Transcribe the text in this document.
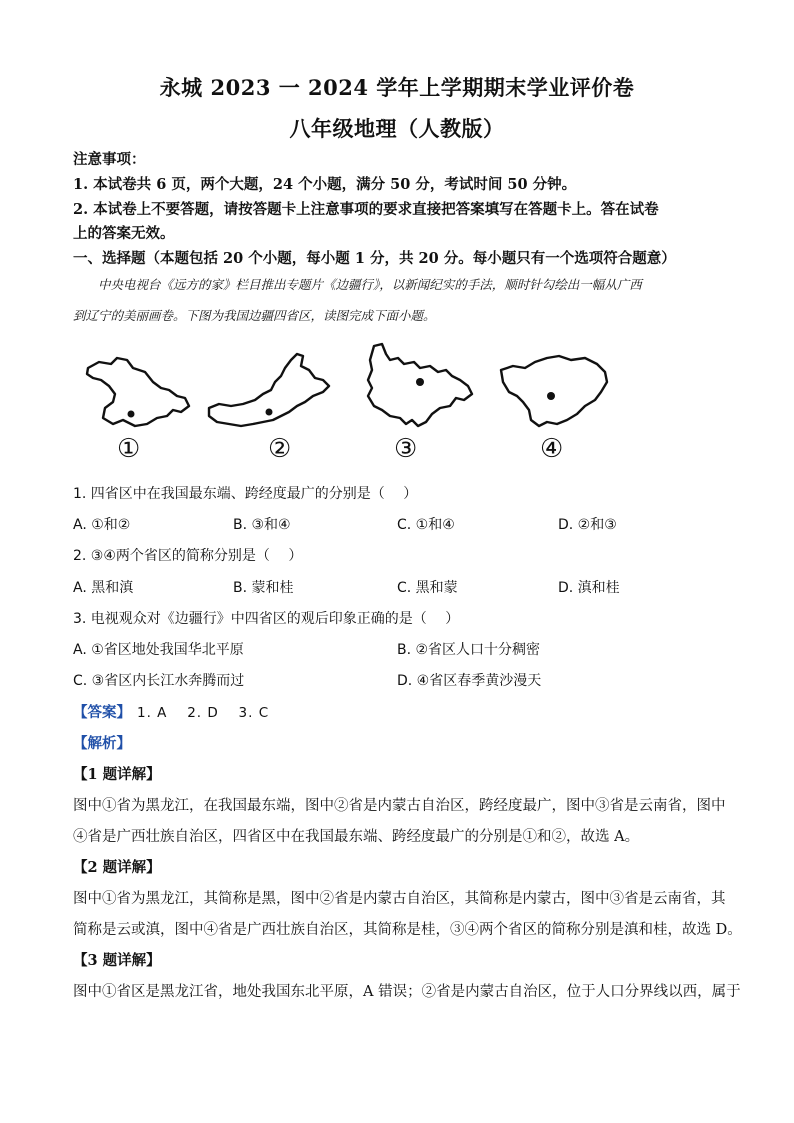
永城 2023 一 2024 学年上学期期末学业评价卷
八年级地理（人教版）
注意事项：
1. 本试卷共 6 页，两个大题，24 个小题，满分 50 分，考试时间 50 分钟。
2. 本试卷上不要答题，请按答题卡上注意事项的要求直接把答案填写在答题卡上。答在试卷
上的答案无效。
一、选择题（本题包括 20 个小题，每小题 1 分，共 20 分。每小题只有一个选项符合题意）
中央电视台《远方的家》栏目推出专题片《边疆行》，以新闻纪实的手法，顺时针勾绘出一幅从广西
到辽宁的美丽画卷。下图为我国边疆四省区，读图完成下面小题。
①	②	③	④
1. 四省区中在我国最东端、跨经度最广的分别是（　 ）
A. ①和②	B. ③和④	C. ①和④	D. ②和③
2. ③④两个省区的简称分别是（　 ）
A. 黑和滇	B. 蒙和桂	C. 黑和蒙	D. 滇和桂
3. 电视观众对《边疆行》中四省区的观后印象正确的是（　 ）
A. ①省区地处我国华北平原	B. ②省区人口十分稠密
C. ③省区内长江水奔腾而过	D. ④省区春季黄沙漫天
【答案】 1. A　 2. D　 3. C
【解析】
【1 题详解】
图中①省为黑龙江，在我国最东端，图中②省是内蒙古自治区，跨经度最广，图中③省是云南省，图中
④省是广西壮族自治区，四省区中在我国最东端、跨经度最广的分别是①和②，故选 A。
【2 题详解】
图中①省为黑龙江，其简称是黑，图中②省是内蒙古自治区，其简称是内蒙古，图中③省是云南省，其
简称是云或滇，图中④省是广西壮族自治区，其简称是桂，③④两个省区的简称分别是滇和桂，故选 D。
【3 题详解】
图中①省区是黑龙江省，地处我国东北平原，A 错误；②省是内蒙古自治区，位于人口分界线以西，属于
